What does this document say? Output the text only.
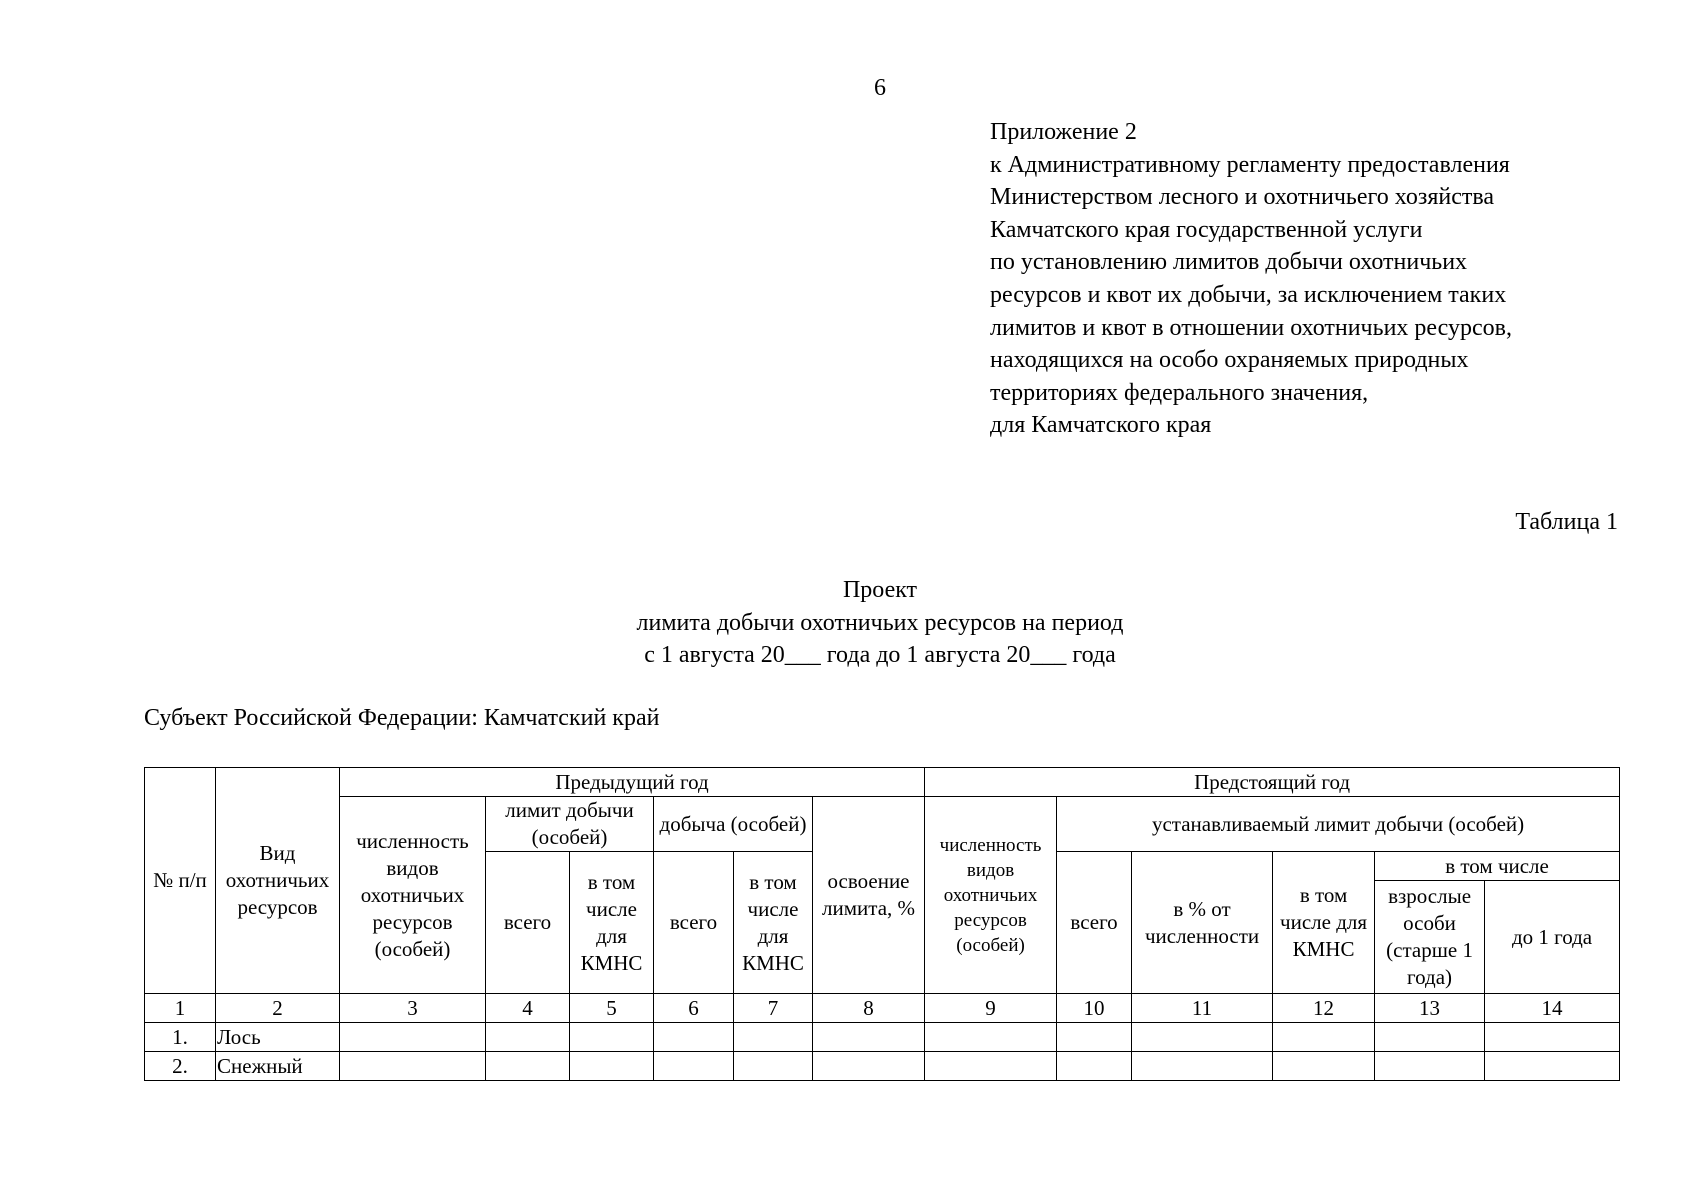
6
Приложение 2
к Административному регламенту предоставления
Министерством лесного и охотничьего хозяйства
Камчатского края государственной услуги
по установлению лимитов добычи охотничьих
ресурсов и квот их добычи, за исключением таких
лимитов и квот в отношении охотничьих ресурсов,
находящихся на особо охраняемых природных
территориях федерального значения,
для Камчатского края
Таблица 1
Проект
лимита добычи охотничьих ресурсов на период
с 1 августа 20___ года до 1 августа 20___ года
Субъект Российской Федерации: Камчатский край
№ п/п	Вид охотничьих ресурсов	Предыдущий год						Предстоящий год					
		численность видов охотничьих ресурсов (особей)	лимит добычи (особей)		добыча (особей)		освоение лимита, %	численность видов охотничьих ресурсов (особей)	устанавливаемый лимит добычи (особей)				
			всего	в том числе для КМНС	всего	в том числе для КМНС			всего	в % от численности	в том числе для КМНС	в том числе	
												взрослые особи (старше 1 года)	до 1 года
1	2	3	4	5	6	7	8	9	10	11	12	13	14
1.	Лось												
2.	Снежный												
